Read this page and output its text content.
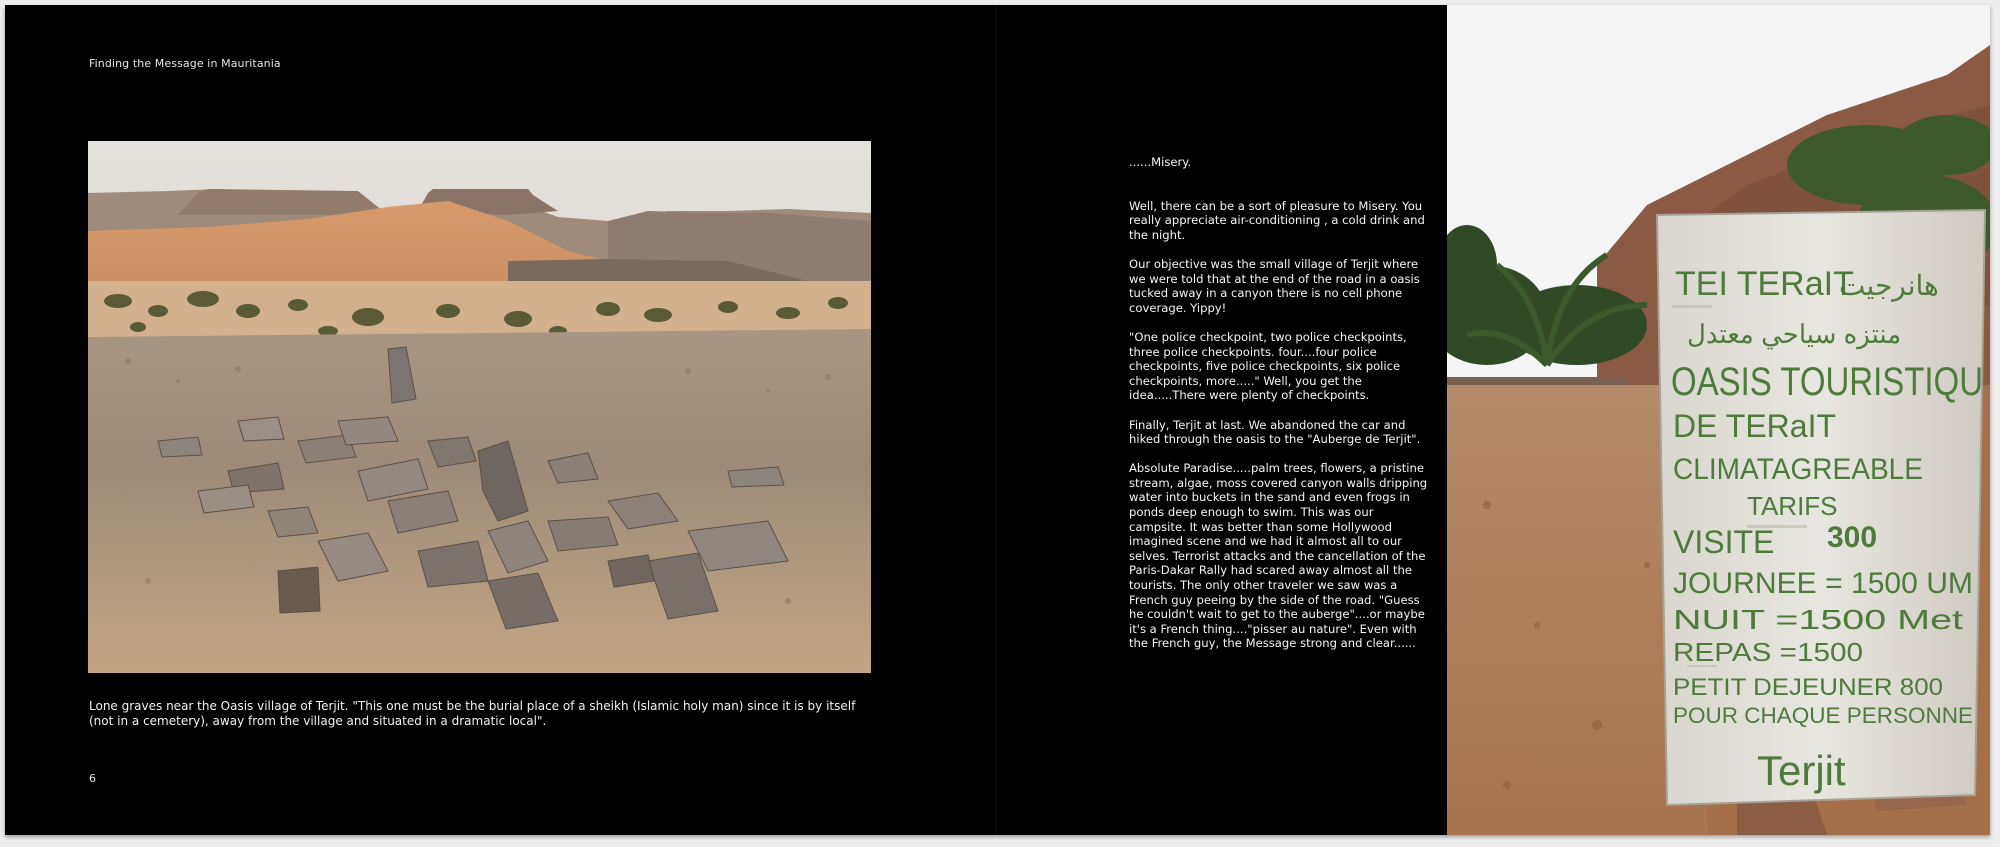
Finding the Message in Mauritania
Lone graves near the Oasis village of Terjit. "This one must be the burial place of a sheikh (Islamic holy man) since it is by itself (not in a cemetery), away from the village and situated in a dramatic local".
6

......Misery.

Well, there can be a sort of pleasure to Misery. You really appreciate air-conditioning , a cold drink and the night.

Our objective was the small village of Terjit where we were told that at the end of the road in a oasis tucked away in a canyon there is no cell phone coverage. Yippy!

"One police checkpoint, two police checkpoints, three police checkpoints. four....four police checkpoints, five police checkpoints, six police checkpoints, more....." Well, you get the idea.....There were plenty of checkpoints.

Finally, Terjit at last. We abandoned the car and hiked through the oasis to the "Auberge de Terjit".

Absolute Paradise.....palm trees, flowers, a pristine stream, algae, moss covered canyon walls dripping water into buckets in the sand and even frogs in ponds deep enough to swim. This was our campsite. It was better than some Hollywood imagined scene and we had it almost all to our selves. Terrorist attacks and the cancellation of the Paris-Dakar Rally had scared away almost all the tourists. The only other traveler we saw was a French guy peeing by the side of the road. "Guess he couldn't wait to get to the auberge"....or maybe it's a French thing...."pisser au nature". Even with the French guy, the Message strong and clear......

TEI TERaIT
ﻫﺎﻧﺮﺟﻴﺖ
ﻣﻨﺘﺰﻩ ﺳﻴﺎﺣﻲ ﻣﻌﺘﺪﻝ
OASIS TOURISTIQU
DE TERaIT
CLIMATAGREABLE
TARIFS
VISITE 300
JOURNEE = 1500 UM
NUIT =1500 Met
REPAS =1500
PETIT DEJEUNER 800
POUR CHAQUE PERSONNE
Terjit
